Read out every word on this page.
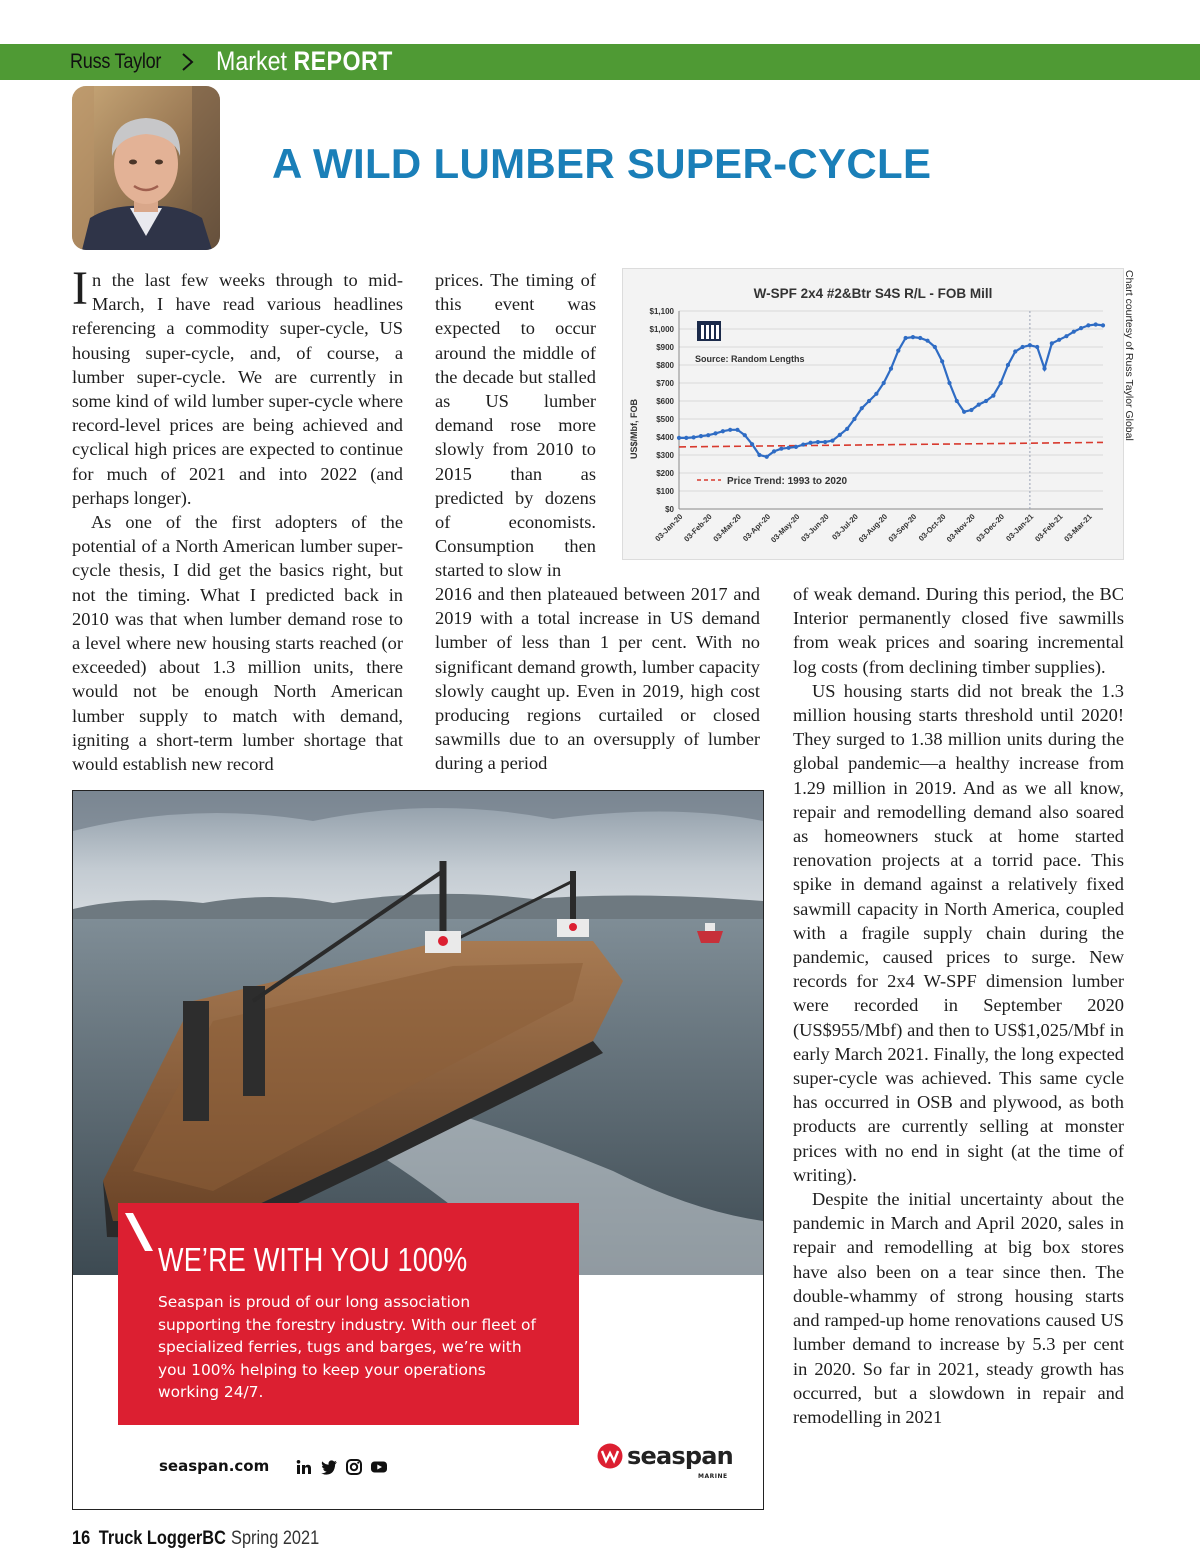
Russ Taylor Market REPORT
A WILD LUMBER SUPER-CYCLE

In the last few weeks through to mid-March, I have read various headlines referencing a commodity super-cycle, US housing super-cycle, and, of course, a lumber super-cycle. We are currently in some kind of wild lumber super-cycle where record-level prices are being achieved and cyclical high prices are expected to continue for much of 2021 and into 2022 (and perhaps longer).

As one of the first adopters of the potential of a North American lumber super-cycle thesis, I did get the basics right, but not the timing. What I predicted back in 2010 was that when lumber demand rose to a level where new housing starts reached (or exceeded) about 1.3 million units, there would not be enough North American lumber supply to match with demand, igniting a short-term lumber shortage that would establish new record

prices. The timing of this event was expected to occur around the middle of the decade but stalled as US lumber demand rose more slowly from 2010 to 2015 than as predicted by dozens of economists. Consumption then started to slow in

2016 and then plateaued between 2017 and 2019 with a total increase in US demand lumber of less than 1 per cent. With no significant demand growth, lumber capacity slowly caught up. Even in 2019, high cost producing regions curtailed or closed sawmills due to an oversupply of lumber during a period

of weak demand. During this period, the BC Interior permanently closed five sawmills from weak prices and soaring incremental log costs (from declining timber supplies).

US housing starts did not break the 1.3 million housing starts threshold until 2020! They surged to 1.38 million units during the global pandemic—a healthy increase from 1.29 million in 2019. And as we all know, repair and remodelling demand also soared as homeowners stuck at home started renovation projects at a torrid pace. This spike in demand against a relatively fixed sawmill capacity in North America, coupled with a fragile supply chain during the pandemic, caused prices to surge. New records for 2x4 W-SPF dimension lumber were recorded in September 2020 (US$955/Mbf) and then to US$1,025/Mbf in early March 2021. Finally, the long expected super-cycle was achieved. This same cycle has occurred in OSB and plywood, as both products are currently selling at monster prices with no end in sight (at the time of writing).

Despite the initial uncertainty about the pandemic in March and April 2020, sales in repair and remodelling at big box stores have also been on a tear since then. The double-whammy of strong housing starts and ramped-up home renovations caused US lumber demand to increase by 5.3 per cent in 2020. So far in 2021, steady growth has occurred, but a slowdown in repair and remodelling in 2021

W-SPF 2x4 #2&Btr S4S R/L - FOB Mill
US$/Mbf, FOB
$0
$100
$200
$300
$400
$500
$600
$700
$800
$900
$1,000
$1,100
03-Jan-20
03-Feb-20
03-Mar-20
03-Apr-20
03-May-20
03-Jun-20 03-Jul-20
03-Aug-20
03-Sep-20
03-Oct-20
03-Nov-20
03-Dec-20
03-Jan-21
03-Feb-21
03-Mar-21
Source: Random Lengths
Price Trend: 1993 to 2020
Chart courtesy of Russ Taylor Global
WE’RE WITH YOU 100%
Seaspan is proud of our long association supporting the forestry industry. With our fleet of specialized ferries, tugs and barges, we’re with you 100% helping to keep your operations working 24/7.
seaspan.com	seaspan
MARINE
16 Truck LoggerBC Spring 2021
